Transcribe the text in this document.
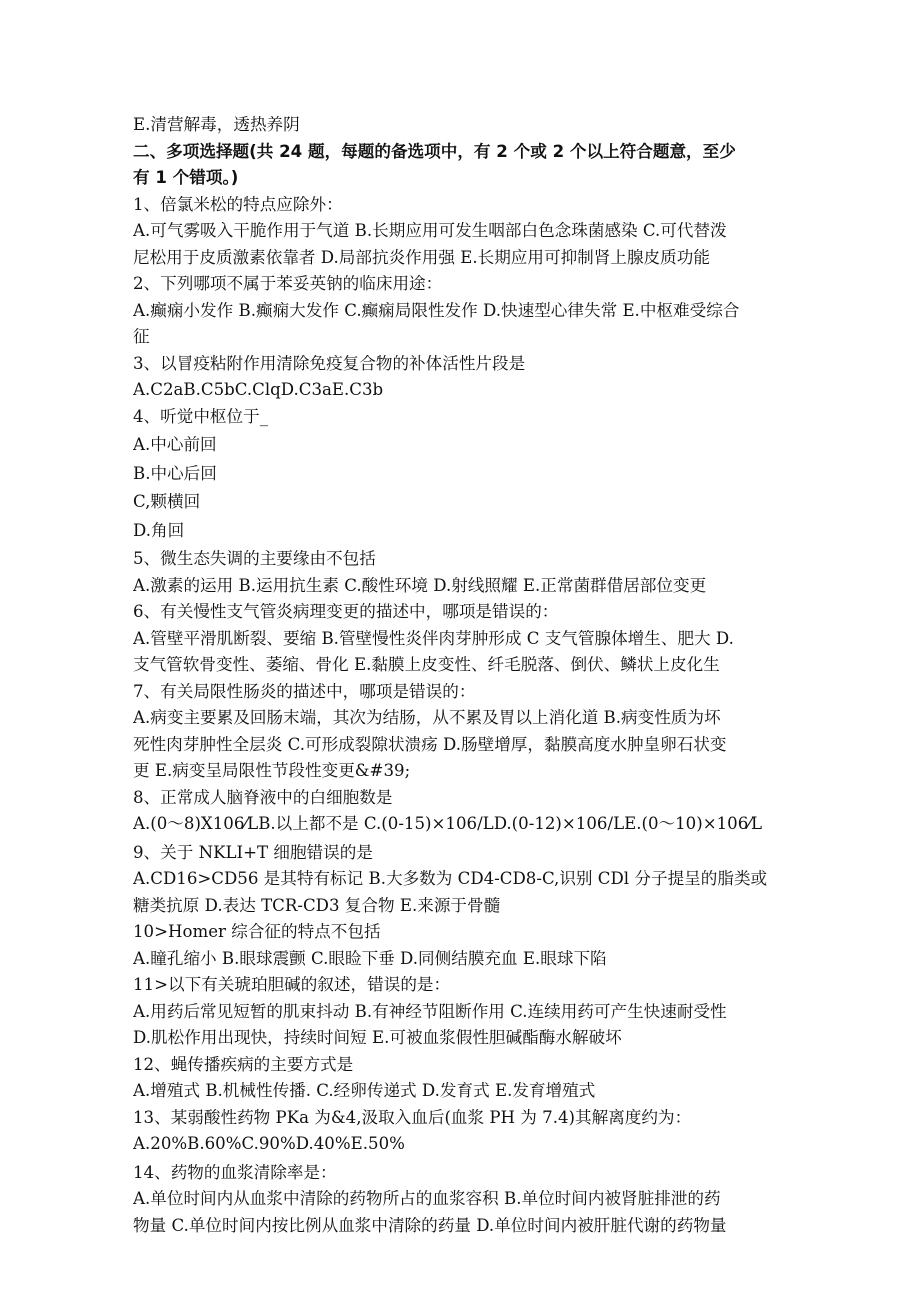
E.清营解毒，透热养阴
二、多项选择题(共 24 题，每题的备选项中，有 2 个或 2 个以上符合题意，至少
有 1 个错项。)
1、倍氯米松的特点应除外：
A.可气雾吸入干脆作用于气道 B.长期应用可发生咽部白色念珠菌感染 C.可代替泼
尼松用于皮质激素依靠者 D.局部抗炎作用强 E.长期应用可抑制肾上腺皮质功能
2、下列哪项不属于苯妥英钠的临床用途：
A.癫痫小发作 B.癫痫大发作 C.癫痫局限性发作 D.快速型心律失常 E.中枢难受综合
征
3、以冒疫粘附作用清除免疫复合物的补体活性片段是
A.C2aB.C5bC.ClqD.C3aE.C3b
4、听觉中枢位于_
A.中心前回
B.中心后回
C,颗横回
D.角回
5、微生态失调的主要缘由不包括
A.激素的运用 B.运用抗生素 C.酸性环境 D.射线照耀 E.正常菌群借居部位变更
6、有关慢性支气管炎病理变更的描述中，哪项是错误的：
A.管壁平滑肌断裂、要缩 B.管壁慢性炎伴肉芽肿形成 C 支气管腺体增生、肥大 D.
支气管软骨变性、萎缩、骨化 E.黏膜上皮变性、纤毛脱落、倒伏、鳞状上皮化生
7、有关局限性肠炎的描述中，哪项是错误的：
A.病变主要累及回肠末端，其次为结肠，从不累及胃以上消化道 B.病变性质为坏
死性肉芽肿性全层炎 C.可形成裂隙状溃疡 D.肠壁增厚，黏膜高度水肿皇卵石状变
更 E.病变呈局限性节段性变更&#39;
8、正常成人脑脊液中的白细胞数是
A.(0～8)X106⁄LB.以上都不是 C.(0-15)×106/LD.(0-12)×106/LE.(0～10)×106⁄L
9、关于 NKLI+T 细胞错误的是
A.CD16>CD56 是其特有标记 B.大多数为 CD4-CD8-C,识别 CDl 分子提呈的脂类或
糖类抗原 D.表达 TCR-CD3 复合物 E.来源于骨髓
10>Homer 综合征的特点不包括
A.瞳孔缩小 B.眼球震颤 C.眼睑下垂 D.同侧结膜充血 E.眼球下陷
11>以下有关琥珀胆碱的叙述，错误的是：
A.用药后常见短暂的肌束抖动 B.有神经节阻断作用 C.连续用药可产生快速耐受性
D.肌松作用出现快，持续时间短 E.可被血浆假性胆碱酯酶水解破坏
12、蝇传播疾病的主要方式是
A.增殖式 B.机械性传播. C.经卵传递式 D.发育式 E.发育增殖式
13、某弱酸性药物 PKa 为&4,汲取入血后(血浆 PH 为 7.4)其解离度约为：
A.20%B.60%C.90%D.40%E.50%
14、药物的血浆清除率是：
A.单位时间内从血浆中清除的药物所占的血浆容积 B.单位时间内被肾脏排泄的药
物量 C.单位时间内按比例从血浆中清除的药量 D.单位时间内被肝脏代谢的药物量
